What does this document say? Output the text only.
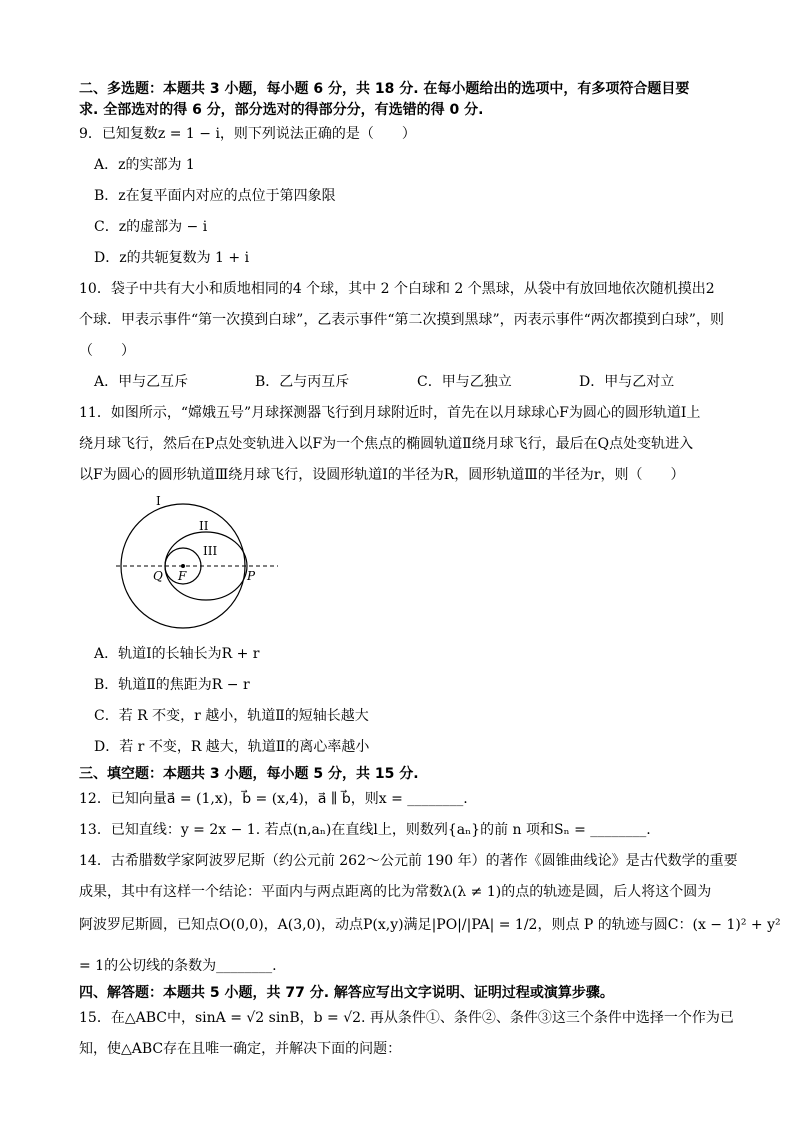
二、多选题：本题共 3 小题，每小题 6 分，共 18 分. 在每小题给出的选项中，有多项符合题目要
求. 全部选对的得 6 分，部分选对的得部分分，有选错的得 0 分.
9．已知复数z = 1 − i，则下列说法正确的是（　　）
A．z的实部为 1
B．z在复平面内对应的点位于第四象限
C．z的虚部为 − i
D．z的共轭复数为 1 + i
10．袋子中共有大小和质地相同的4 个球，其中 2 个白球和 2 个黑球，从袋中有放回地依次随机摸出2
个球．甲表示事件“第一次摸到白球”，乙表示事件“第二次摸到黑球”，丙表示事件“两次都摸到白球”，则
（　　）
A．甲与乙互斥	B．乙与丙互斥	C．甲与乙独立	D．甲与乙对立
11．如图所示，“嫦娥五号”月球探测器飞行到月球附近时，首先在以月球球心F为圆心的圆形轨道Ⅰ上
绕月球飞行，然后在P点处变轨进入以F为一个焦点的椭圆轨道Ⅱ绕月球飞行，最后在Q点处变轨进入
以F为圆心的圆形轨道Ⅲ绕月球飞行，设圆形轨道Ⅰ的半径为R，圆形轨道Ⅲ的半径为r，则（　　）
I
II
III
Q F	P
A．轨道Ⅰ的长轴长为R + r
B．轨道Ⅱ的焦距为R − r
C．若 R 不变，r 越小，轨道Ⅱ的短轴长越大
D．若 r 不变，R 越大，轨道Ⅱ的离心率越小
三、填空题：本题共 3 小题，每小题 5 分，共 15 分.
12．已知向量a⃗ = (1,x)，b⃗ = (x,4)，a⃗ ∥ b⃗，则x = ________.
13．已知直线：y = 2x − 1. 若点(n,aₙ)在直线l上，则数列{aₙ}的前 n 项和Sₙ = ________.
14．古希腊数学家阿波罗尼斯（约公元前 262～公元前 190 年）的著作《圆锥曲线论》是古代数学的重要
成果，其中有这样一个结论：平面内与两点距离的比为常数λ(λ ≠ 1)的点的轨迹是圆，后人将这个圆为
阿波罗尼斯圆，已知点O(0,0)，A(3,0)，动点P(x,y)满足|PO|/|PA| = 1/2，则点 P 的轨迹与圆C：(x − 1)² + y²
= 1的公切线的条数为________.
四、解答题：本题共 5 小题，共 77 分. 解答应写出文字说明、证明过程或演算步骤。
15．在△ABC中，sinA = √2 sinB，b = √2. 再从条件①、条件②、条件③这三个条件中选择一个作为已
知，使△ABC存在且唯一确定，并解决下面的问题：
